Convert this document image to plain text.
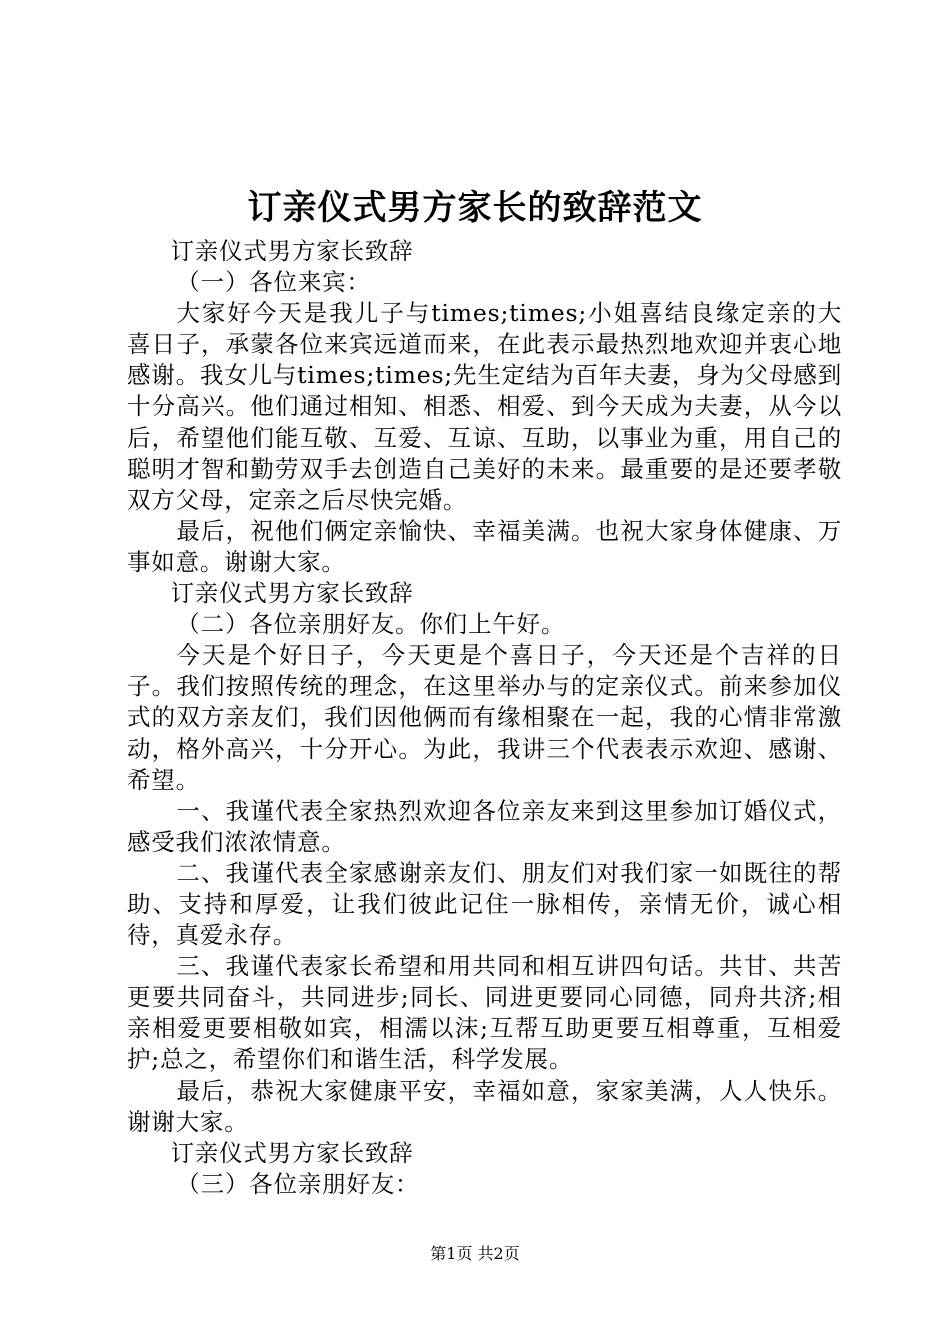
订亲仪式男方家长的致辞范文

订亲仪式男方家长致辞

（一）各位来宾：

大家好今天是我儿子与times;times;小姐喜结良缘定亲的大喜日子，承蒙各位来宾远道而来，在此表示最热烈地欢迎并衷心地感谢。我女儿与times;times;先生定结为百年夫妻，身为父母感到十分高兴。他们通过相知、相悉、相爱、到今天成为夫妻，从今以后，希望他们能互敬、互爱、互谅、互助，以事业为重，用自己的聪明才智和勤劳双手去创造自己美好的未来。最重要的是还要孝敬双方父母，定亲之后尽快完婚。

最后，祝他们俩定亲愉快、幸福美满。也祝大家身体健康、万事如意。谢谢大家。

订亲仪式男方家长致辞

（二）各位亲朋好友。你们上午好。

今天是个好日子，今天更是个喜日子，今天还是个吉祥的日子。我们按照传统的理念，在这里举办与的定亲仪式。前来参加仪式的双方亲友们，我们因他俩而有缘相聚在一起，我的心情非常激动，格外高兴，十分开心。为此，我讲三个代表表示欢迎、感谢、希望。

一、我谨代表全家热烈欢迎各位亲友来到这里参加订婚仪式，感受我们浓浓情意。

二、我谨代表全家感谢亲友们、朋友们对我们家一如既往的帮助、支持和厚爱，让我们彼此记住一脉相传，亲情无价，诚心相待，真爱永存。

三、我谨代表家长希望和用共同和相互讲四句话。共甘、共苦更要共同奋斗，共同进步;同长、同进更要同心同德，同舟共济;相亲相爱更要相敬如宾，相濡以沫;互帮互助更要互相尊重，互相爱护;总之，希望你们和谐生活，科学发展。

最后，恭祝大家健康平安，幸福如意，家家美满，人人快乐。谢谢大家。

订亲仪式男方家长致辞

（三）各位亲朋好友：

第1页 共2页
